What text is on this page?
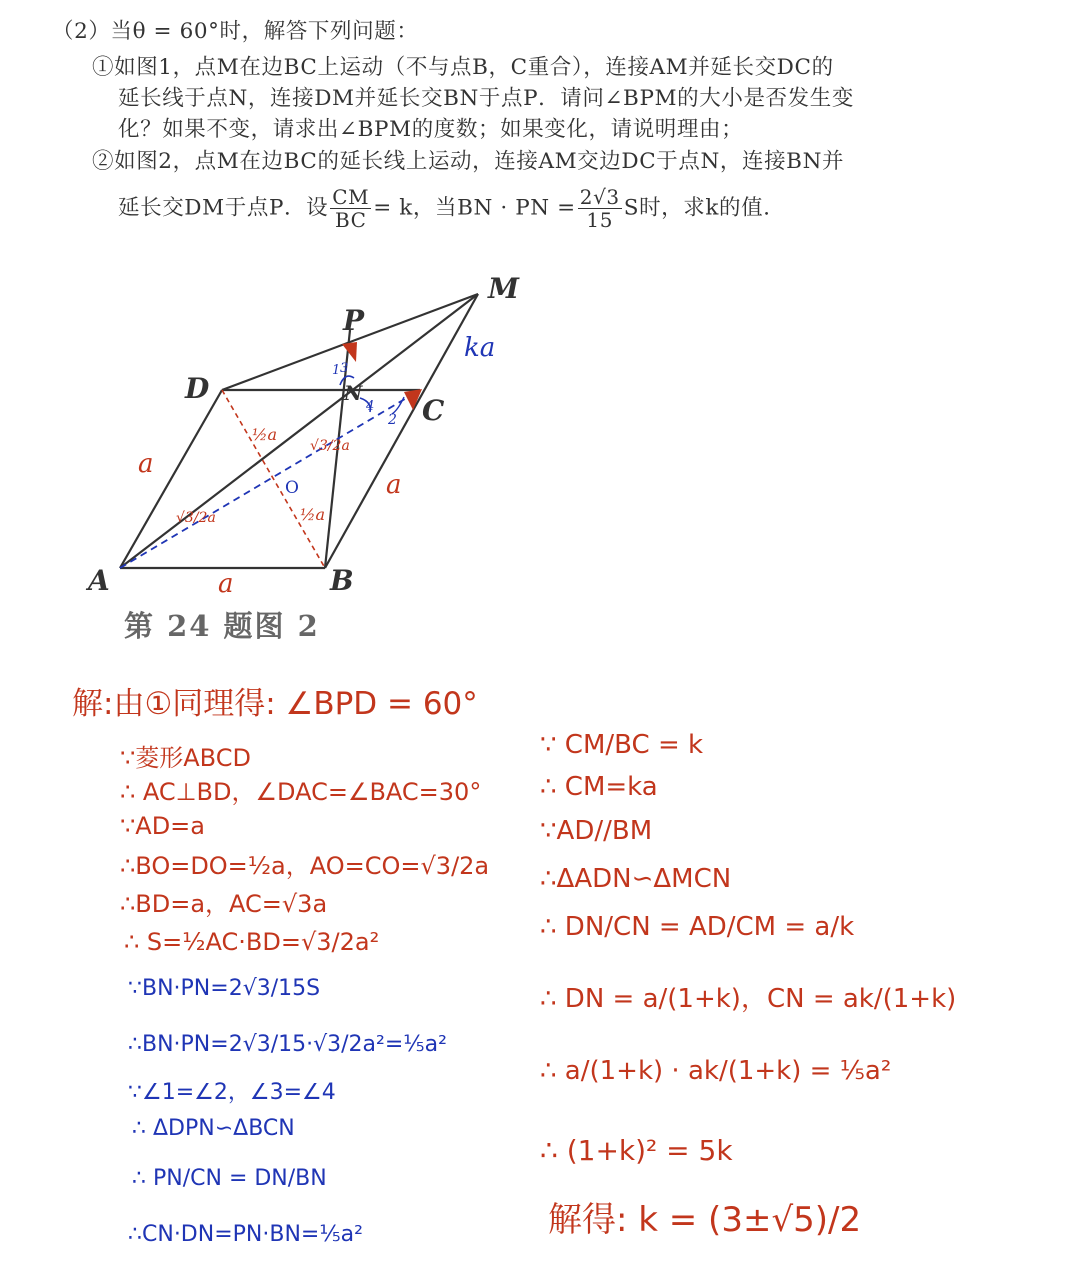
（2）当θ = 60°时，解答下列问题：
①如图1，点M在边BC上运动（不与点B，C重合），连接AM并延长交DC的
延长线于点N，连接DM并延长交BN于点P．请问∠BPM的大小是否发生变
化？如果不变，请求出∠BPM的度数；如果变化，请说明理由；
②如图2，点M在边BC的延长线上运动，连接AM交边DC于点N，连接BN并
延长交DM于点P．设 $\frac{CM}{BC} = k$，当BN · PN = $\frac{2√3}{15}$ S时，求k的值．
M
P
D	N
C
A	B
O
a
a
a
ka
½a
√3/2a
½a
√3/2a
1
2
3
4
第 24 题图 2
解:由①同理得: ∠BPD = 60°
∵菱形ABCD
∴ AC⊥BD，∠DAC=∠BAC=30°
∵AD=a
∴BO=DO=½a，AO=CO=√3/2a
∴BD=a，AC=√3a
∴ S=½AC·BD=√3/2a²
∵BN·PN=2√3/15S
∴BN·PN=2√3/15·√3/2a²=⅕a²
∵∠1=∠2，∠3=∠4
∴ ΔDPN∽ΔBCN
∴ PN/CN = DN/BN
∴CN·DN=PN·BN=⅕a²
∵ CM/BC = k
∴ CM=ka
∵AD//BM
∴ΔADN∽ΔMCN
∴ DN/CN = AD/CM = a/k
∴ DN = a/(1+k)，CN = ak/(1+k)
∴ a/(1+k) · ak/(1+k) = ⅕a²
∴ (1+k)² = 5k
解得: k = (3±√5)/2
